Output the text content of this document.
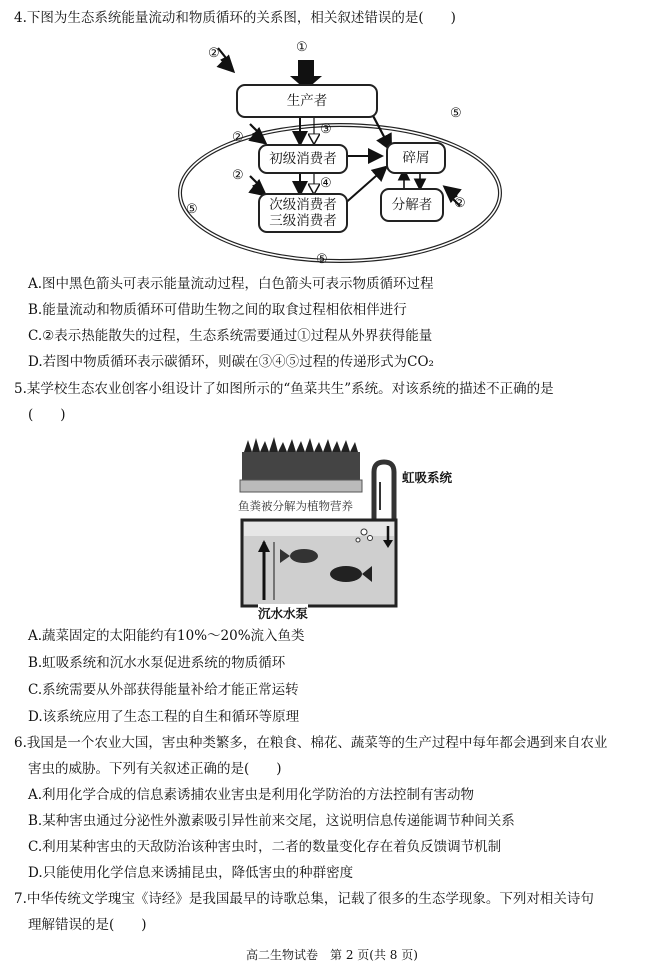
4.下图为生态系统能量流动和物质循环的关系图，相关叙述错误的是(　　)
生产者
初级消费者
次级消费者
三级消费者
碎屑
分解者
①
②
②
②
②
③
④
⑤
⑤
⑤
A.图中黑色箭头可表示能量流动过程，白色箭头可表示物质循环过程
B.能量流动和物质循环可借助生物之间的取食过程相依相伴进行
C.②表示热能散失的过程，生态系统需要通过①过程从外界获得能量
D.若图中物质循环表示碳循环，则碳在③④⑤过程的传递形式为CO₂
5.某学校生态农业创客小组设计了如图所示的“鱼菜共生”系统。对该系统的描述不正确的是
(　　)
虹吸系统
鱼粪被分解为植物营养
沉水水泵
A.蔬菜固定的太阳能约有10%～20%流入鱼类
B.虹吸系统和沉水水泵促进系统的物质循环
C.系统需要从外部获得能量补给才能正常运转
D.该系统应用了生态工程的自生和循环等原理
6.我国是一个农业大国，害虫种类繁多，在粮食、棉花、蔬菜等的生产过程中每年都会遇到来自农业
害虫的威胁。下列有关叙述正确的是(　　)
A.利用化学合成的信息素诱捕农业害虫是利用化学防治的方法控制有害动物
B.某种害虫通过分泌性外激素吸引异性前来交尾，这说明信息传递能调节种间关系
C.利用某种害虫的天敌防治该种害虫时，二者的数量变化存在着负反馈调节机制
D.只能使用化学信息来诱捕昆虫，降低害虫的种群密度
7.中华传统文学瑰宝《诗经》是我国最早的诗歌总集，记载了很多的生态学现象。下列对相关诗句
理解错误的是(　　)
高二生物试卷　第 2 页(共 8 页)
